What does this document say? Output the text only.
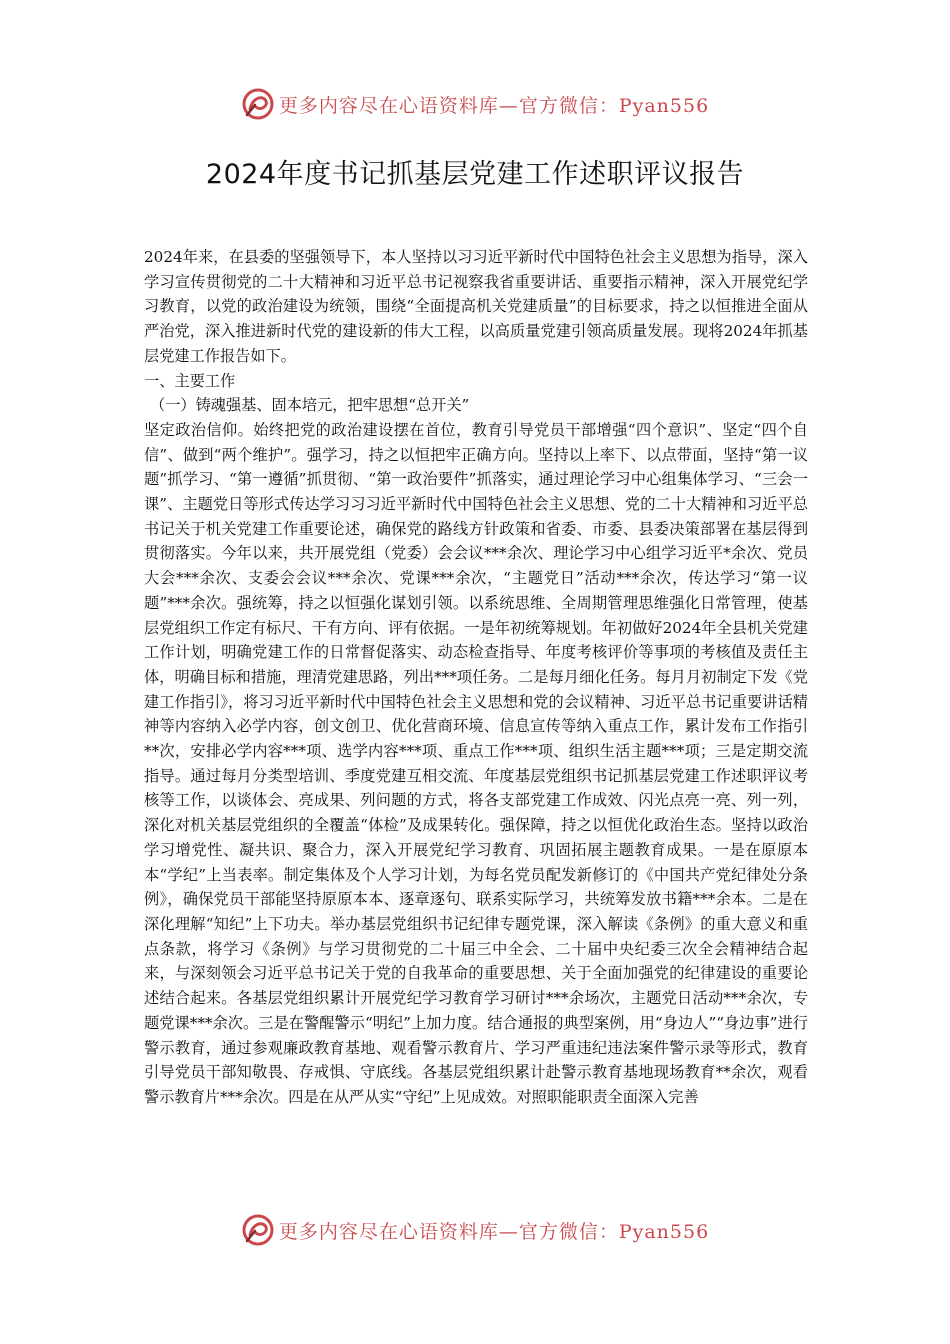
更多内容尽在心语资料库—官方微信：Pyan556
2024年度书记抓基层党建工作述职评议报告

2024年来，在县委的坚强领导下，本人坚持以习习近平新时代中国特色社会主义思想为指导，深入学习宣传贯彻党的二十大精神和习近平总书记视察我省重要讲话、重要指示精神，深入开展党纪学习教育，以党的政治建设为统领，围绕“全面提高机关党建质量”的目标要求，持之以恒推进全面从严治党，深入推进新时代党的建设新的伟大工程，以高质量党建引领高质量发展。现将2024年抓基层党建工作报告如下。

一、主要工作

（一）铸魂强基、固本培元，把牢思想“总开关”

坚定政治信仰。始终把党的政治建设摆在首位，教育引导党员干部增强“四个意识”、坚定“四个自信”、做到“两个维护”。强学习，持之以恒把牢正确方向。坚持以上率下、以点带面，坚持“第一议题”抓学习、“第一遵循”抓贯彻、“第一政治要件”抓落实，通过理论学习中心组集体学习、“三会一课”、主题党日等形式传达学习习习近平新时代中国特色社会主义思想、党的二十大精神和习近平总书记关于机关党建工作重要论述，确保党的路线方针政策和省委、市委、县委决策部署在基层得到贯彻落实。今年以来，共开展党组（党委）会会议***余次、理论学习中心组学习近平*余次、党员大会***余次、支委会会议***余次、党课***余次，“主题党日”活动***余次，传达学习“第一议题”***余次。强统筹，持之以恒强化谋划引领。以系统思维、全周期管理思维强化日常管理，使基层党组织工作定有标尺、干有方向、评有依据。一是年初统筹规划。年初做好2024年全县机关党建工作计划，明确党建工作的日常督促落实、动态检查指导、年度考核评价等事项的考核值及责任主体，明确目标和措施，理清党建思路，列出***项任务。二是每月细化任务。每月月初制定下发《党建工作指引》，将习习近平新时代中国特色社会主义思想和党的会议精神、习近平总书记重要讲话精神等内容纳入必学内容，创文创卫、优化营商环境、信息宣传等纳入重点工作，累计发布工作指引**次，安排必学内容***项、选学内容***项、重点工作***项、组织生活主题***项；三是定期交流指导。通过每月分类型培训、季度党建互相交流、年度基层党组织书记抓基层党建工作述职评议考核等工作，以谈体会、亮成果、列问题的方式，将各支部党建工作成效、闪光点亮一亮、列一列，深化对机关基层党组织的全覆盖“体检”及成果转化。强保障，持之以恒优化政治生态。坚持以政治学习增党性、凝共识、聚合力，深入开展党纪学习教育、巩固拓展主题教育成果。一是在原原本本“学纪”上当表率。制定集体及个人学习计划，为每名党员配发新修订的《中国共产党纪律处分条例》，确保党员干部能坚持原原本本、逐章逐句、联系实际学习，共统筹发放书籍***余本。二是在深化理解“知纪”上下功夫。举办基层党组织书记纪律专题党课，深入解读《条例》的重大意义和重点条款，将学习《条例》与学习贯彻党的二十届三中全会、二十届中央纪委三次全会精神结合起来，与深刻领会习近平总书记关于党的自我革命的重要思想、关于全面加强党的纪律建设的重要论述结合起来。各基层党组织累计开展党纪学习教育学习研讨***余场次，主题党日活动***余次，专题党课***余次。三是在警醒警示“明纪”上加力度。结合通报的典型案例，用“身边人”“身边事”进行警示教育，通过参观廉政教育基地、观看警示教育片、学习严重违纪违法案件警示录等形式，教育引导党员干部知敬畏、存戒惧、守底线。各基层党组织累计赴警示教育基地现场教育**余次，观看警示教育片***余次。四是在从严从实“守纪”上见成效。对照职能职责全面深入完善

更多内容尽在心语资料库—官方微信：Pyan556
